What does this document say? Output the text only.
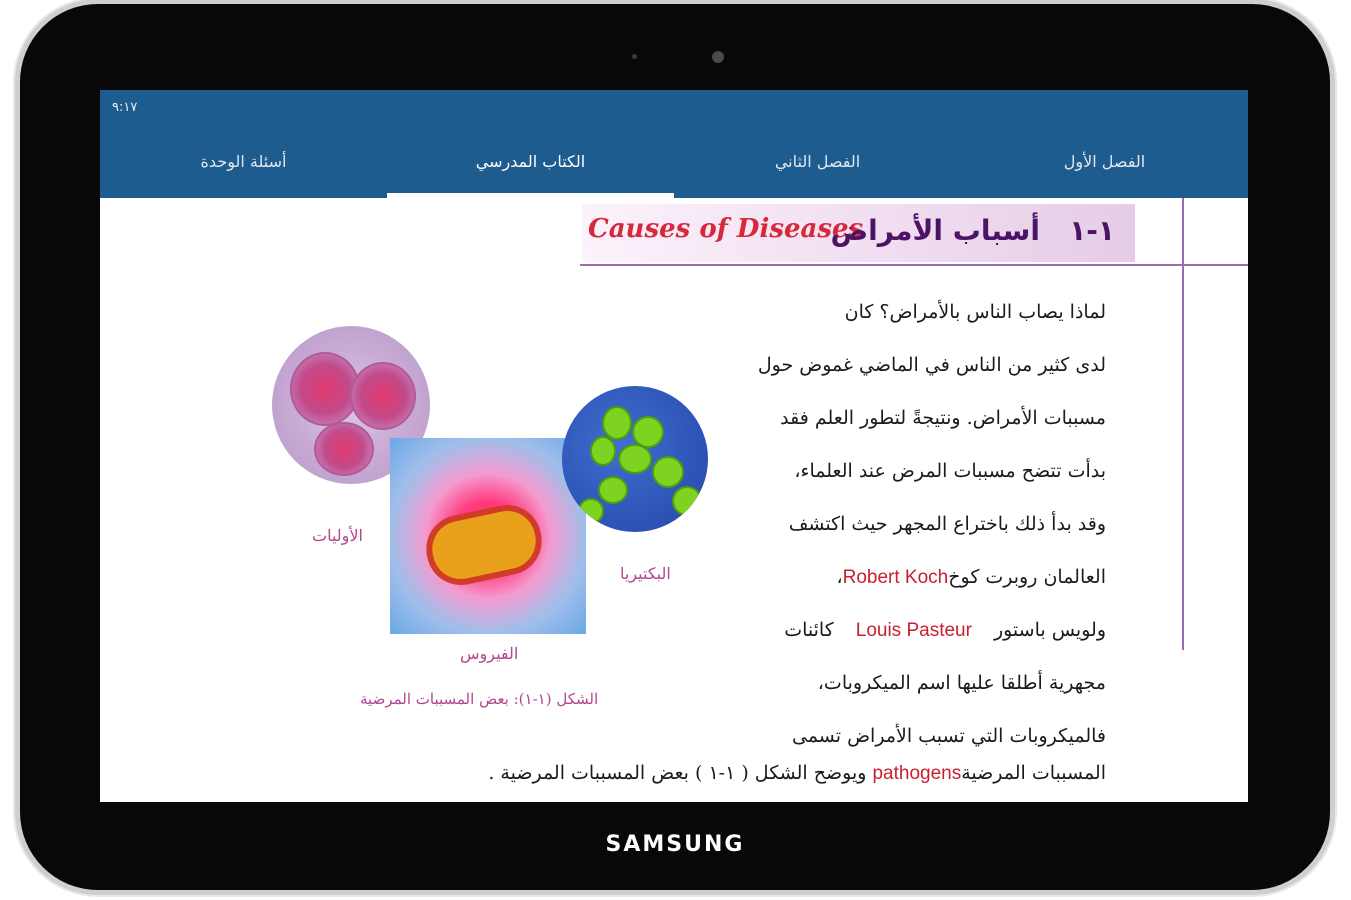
٩:١٧
أسئلة الوحدة	الكتاب المدرسي	الفصل الثاني	الفصل الأول
Causes of Diseases	١-١   أسباب الأمراض
لماذا يصاب الناس بالأمراض؟ كان
لدى كثير من الناس في الماضي غموض حول
مسببات الأمراض. ونتيجةً لتطور العلم فقد
بدأت تتضح مسببات المرض عند العلماء،
وقد بدأ ذلك باختراع المجهر حيث اكتشف
العالمان روبرت كوخRobert Koch،
ولويس باستورLouis Pasteurكائنات
مجهرية أطلقا عليها اسم الميكروبات،
فالميكروبات التي تسبب الأمراض تسمى
المسببات المرضيةpathogens ويوضح الشكل ( ١-١ ) بعض المسببات المرضية .
الأوليات
البكتيريا
الفيروس
الشكل (١-١): بعض المسببات المرضية
SAMSUNG
